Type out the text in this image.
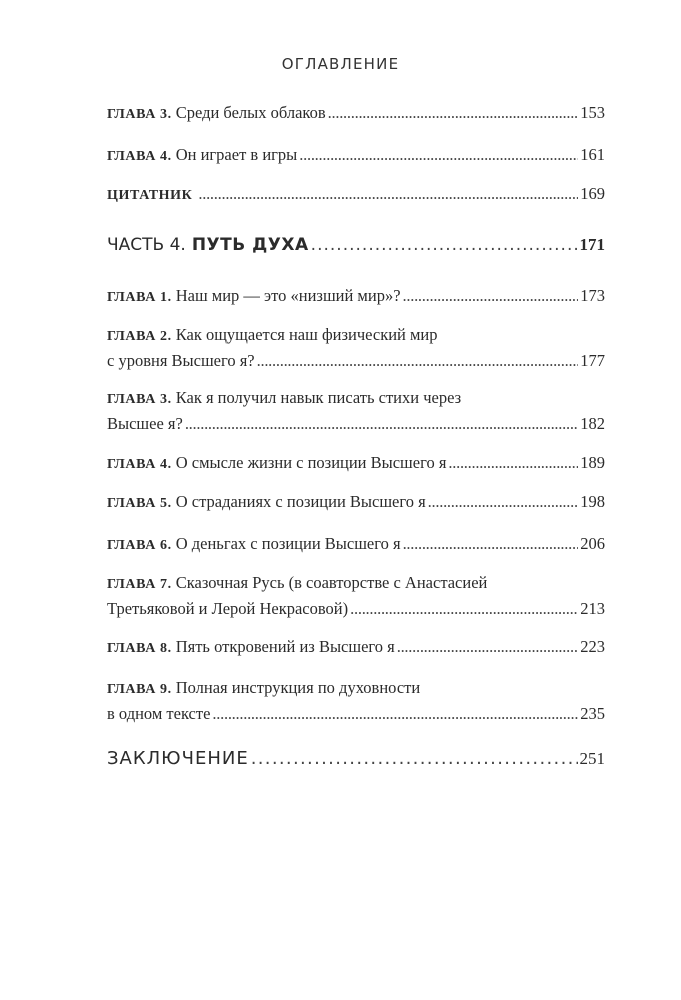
ОГЛАВЛЕНИЕ
ГЛАВА 3. Среди белых облаков . . .	153
ГЛАВА 4. Он играет в игры . . .	161
ЦИТАТНИК . . .	169
ЧАСТЬ 4. ПУТЬ ДУХА . . .	171
ГЛАВА 1. Наш мир — это «низший мир»? . . .	173
ГЛАВА 2. Как ощущается наш физический мир
с уровня Высшего я? . . .	177
ГЛАВА 3. Как я получил навык писать стихи через
Высшее я? . . .	182
ГЛАВА 4. О смысле жизни с позиции Высшего я . . .	189
ГЛАВА 5. О страданиях с позиции Высшего я . . .	198
ГЛАВА 6. О деньгах с позиции Высшего я . . .	206
ГЛАВА 7. Сказочная Русь (в соавторстве с Анастасией
Третьяковой и Лерой Некрасовой) . . .	213
ГЛАВА 8. Пять откровений из Высшего я . . .	223
ГЛАВА 9. Полная инструкция по духовности
в одном тексте . . .	235
ЗАКЛЮЧЕНИЕ . . .	251
